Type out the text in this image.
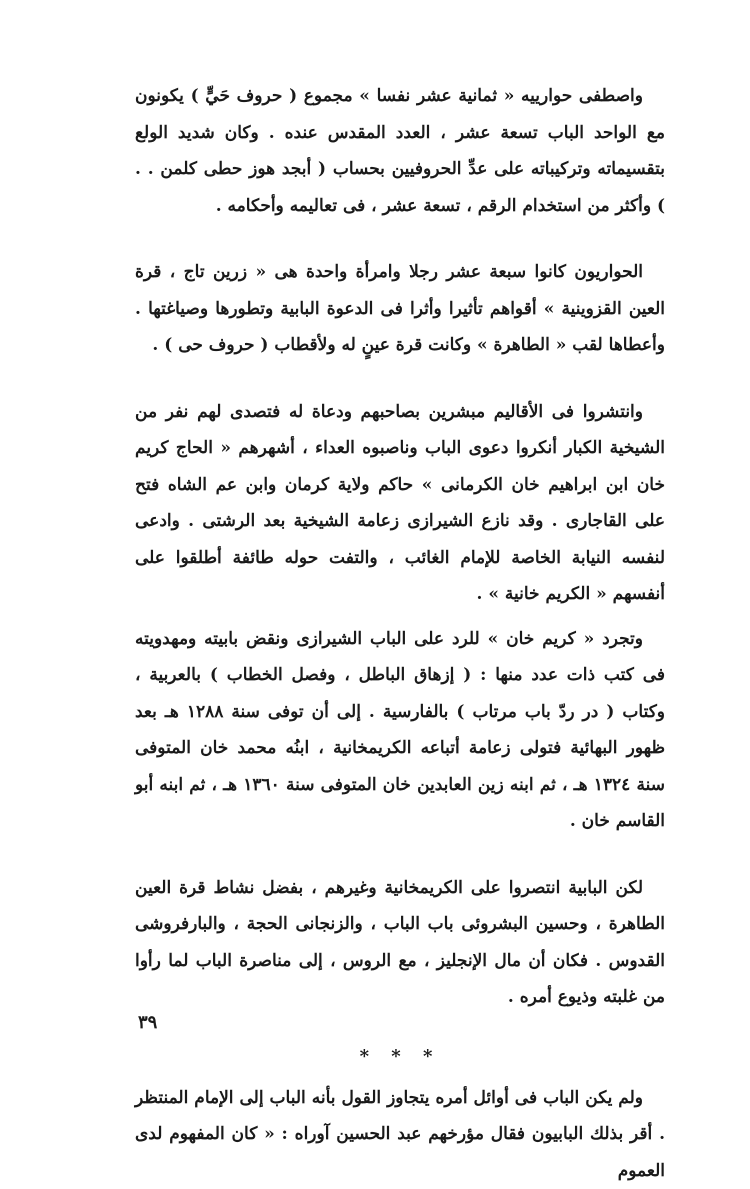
واصطفى حوارييه « ثمانية عشر نفسا » مجموع ( حروف حَيٍّ ) يكونون مع الواحد الباب تسعة عشر ، العدد المقدس عنده . وكان شديد الولع بتقسيماته وتركيباته على عدِّ الحروفيين بحساب ( أبجد هوز حطى كلمن . . ) وأكثر من استخدام الرقم ، تسعة عشر ، فى تعاليمه وأحكامه .

الحواريون كانوا سبعة عشر رجلا وامرأة واحدة هى « زرين تاج ، قرة العين القزوينية » أقواهم تأثيرا وأثرا فى الدعوة البابية وتطورها وصياغتها . وأعطاها لقب « الطاهرة » وكانت قرة عينٍ له ولأقطاب ( حروف حى ) .

وانتشروا فى الأقاليم مبشرين بصاحبهم ودعاة له فتصدى لهم نفر من الشيخية الكبار أنكروا دعوى الباب وناصبوه العداء ، أشهرهم « الحاج كريم خان ابن ابراهيم خان الكرمانى » حاكم ولاية كرمان وابن عم الشاه فتح على القاجارى . وقد نازع الشيرازى زعامة الشيخية بعد الرشتى . وادعى لنفسه النيابة الخاصة للإمام الغائب ، والتفت حوله طائفة أطلقوا على أنفسهم « الكريم خانية » .

وتجرد « كريم خان » للرد على الباب الشيرازى ونقض بابيته ومهدويته فى كتب ذات عدد منها : ( إزهاق الباطل ، وفصل الخطاب ) بالعربية ، وكتاب ( در ردّ باب مرتاب ) بالفارسية . إلى أن توفى سنة ١٢٨٨ هـ بعد ظهور البهائية فتولى زعامة أتباعه الكريمخانية ، ابنُه محمد خان المتوفى سنة ١٣٢٤ هـ ، ثم ابنه زين العابدين خان المتوفى سنة ١٣٦٠ هـ ، ثم ابنه أبو القاسم خان .

لكن البابية انتصروا على الكريمخانية وغيرهم ، بفضل نشاط قرة العين الطاهرة ، وحسين البشروئى باب الباب ، والزنجانى الحجة ، والبارفروشى القدوس . فكان أن مال الإنجليز ، مع الروس ، إلى مناصرة الباب لما رأوا من غلبته وذيوع أمره .

* * *

ولم يكن الباب فى أوائل أمره يتجاوز القول بأنه الباب إلى الإمام المنتظر . أقر بذلك البابيون فقال مؤرخهم عبد الحسين آوراه : « كان المفهوم لدى العموم

٣٩
